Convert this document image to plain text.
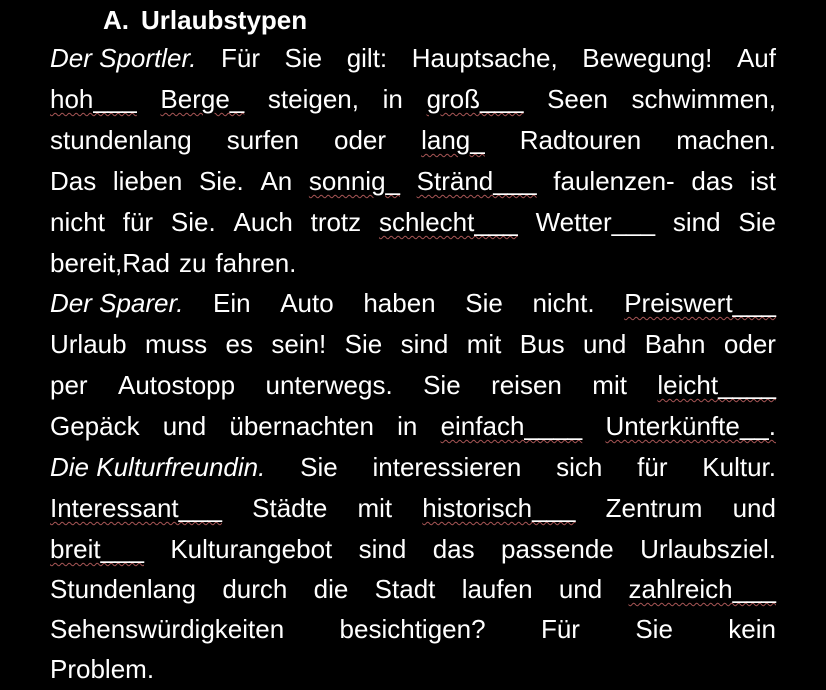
A. Urlaubstypen
Der Sportler. Für Sie gilt: Hauptsache, Bewegung! Auf
hoh___ Berge_ steigen, in groß___ Seen schwimmen,
stundenlang surfen oder lang_ Radtouren machen.
Das lieben Sie. An sonnig_ Stränd___ faulenzen- das ist
nicht für Sie. Auch trotz schlecht___ Wetter___ sind Sie
bereit,Rad zu fahren.
Der Sparer. Ein Auto haben Sie nicht. Preiswert___
Urlaub muss es sein! Sie sind mit Bus und Bahn oder
per Autostopp unterwegs. Sie reisen mit leicht____
Gepäck und übernachten in einfach____ Unterkünfte__.
Die Kulturfreundin. Sie interessieren sich für Kultur.
Interessant___ Städte mit historisch___ Zentrum und
breit___ Kulturangebot sind das passende Urlaubsziel.
Stundenlang durch die Stadt laufen und zahlreich___
Sehenswürdigkeiten besichtigen? Für Sie kein
Problem.
